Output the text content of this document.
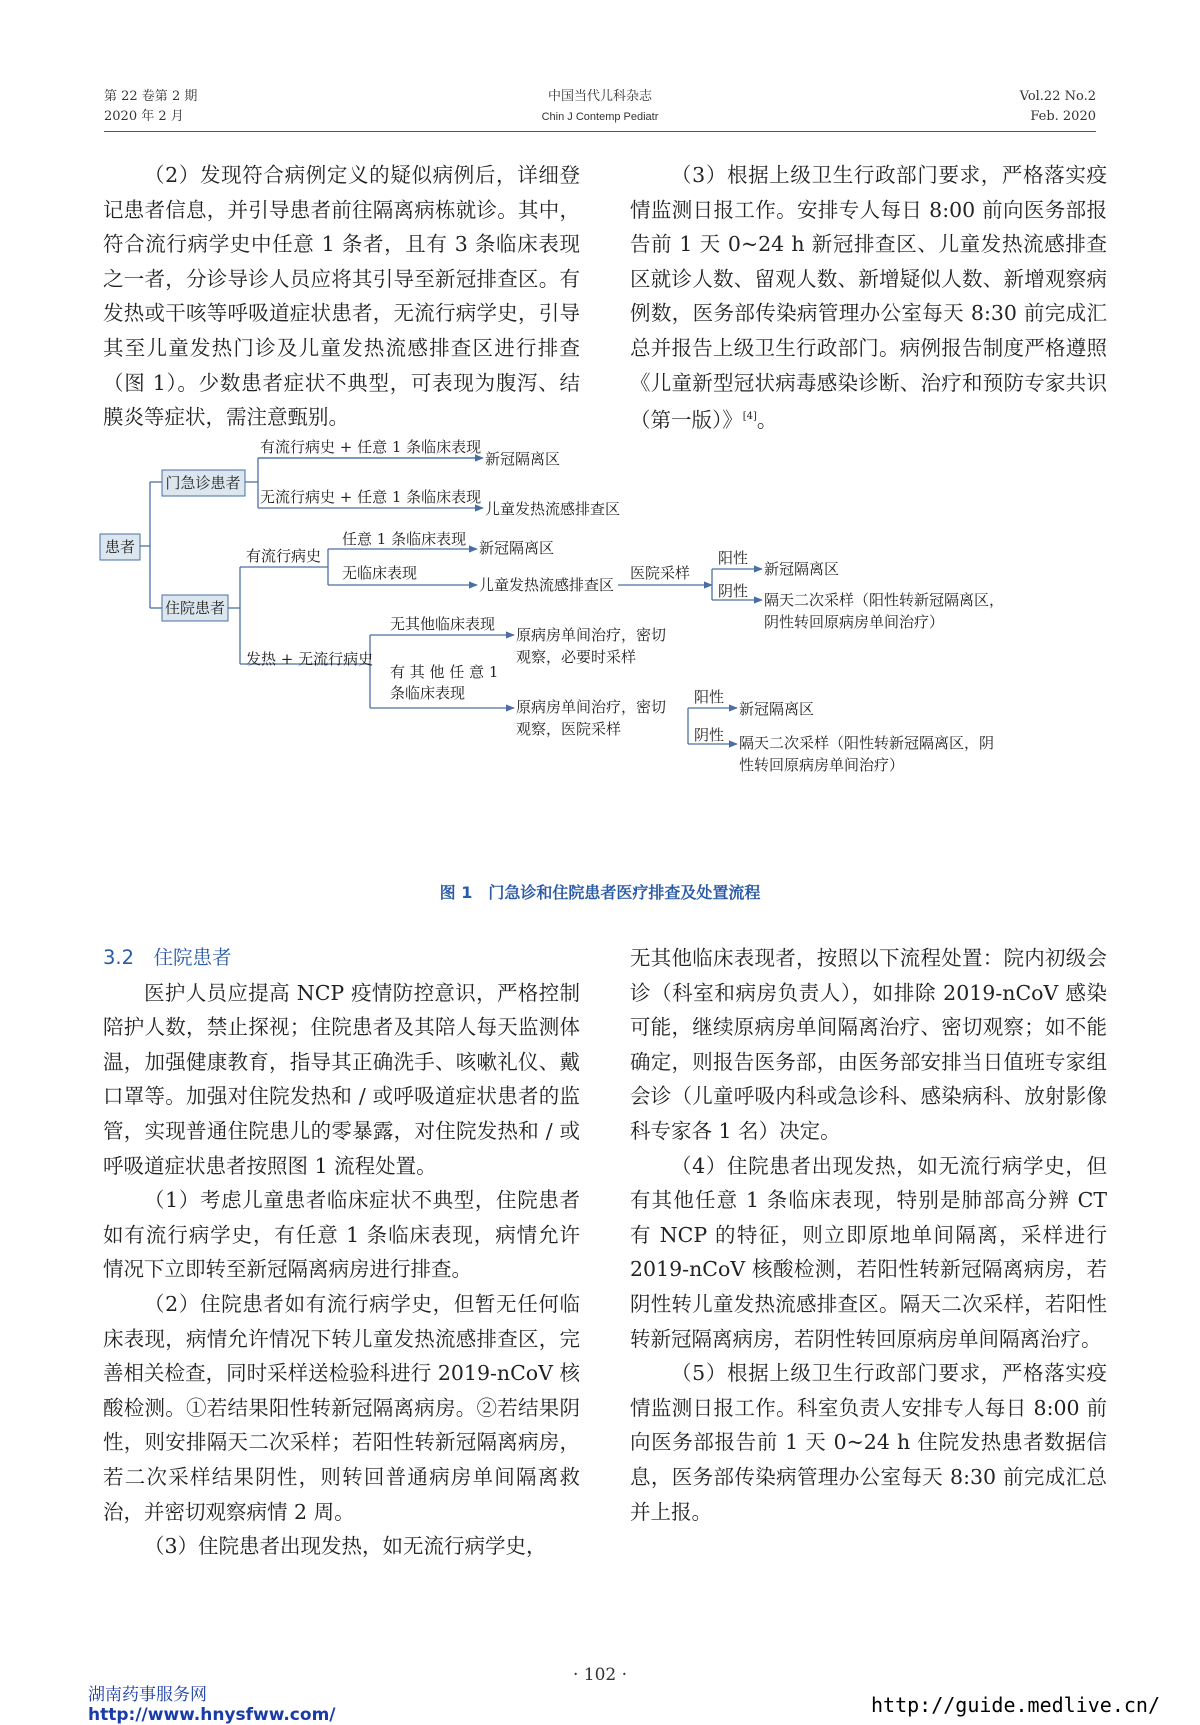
第 22 卷第 2 期
2020 年 2 月
中国当代儿科杂志
Chin J Contemp Pediatr
Vol.22 No.2
Feb. 2020

（2）发现符合病例定义的疑似病例后，详细登记患者信息，并引导患者前往隔离病栋就诊。其中，符合流行病学史中任意 1 条者，且有 3 条临床表现之一者，分诊导诊人员应将其引导至新冠排查区。有发热或干咳等呼吸道症状患者，无流行病学史，引导其至儿童发热门诊及儿童发热流感排查区进行排查（图 1）。少数患者症状不典型，可表现为腹泻、结膜炎等症状，需注意甄别。

（3）根据上级卫生行政部门要求，严格落实疫情监测日报工作。安排专人每日 8:00 前向医务部报告前 1 天 0~24 h 新冠排查区、儿童发热流感排查区就诊人数、留观人数、新增疑似人数、新增观察病例数，医务部传染病管理办公室每天 8:30 前完成汇总并报告上级卫生行政部门。病例报告制度严格遵照《儿童新型冠状病毒感染诊断、治疗和预防专家共识（第一版）》[4]。

患者
门急诊患者
住院患者
有流行病史 + 任意 1 条临床表现
新冠隔离区
无流行病史 + 任意 1 条临床表现
儿童发热流感排查区
有流行病史
任意 1 条临床表现 新冠隔离区
无临床表现
儿童发热流感排查区
医院采样
阳性
新冠隔离区
阴性 隔天二次采样（阳性转新冠隔离区，
阴性转回原病房单间治疗）
发热 + 无流行病史
无其他临床表现
原病房单间治疗，密切
观察，必要时采样
有 其 他 任 意 1
条临床表现
原病房单间治疗，密切
观察，医院采样
阳性
新冠隔离区
阴性 隔天二次采样（阳性转新冠隔离区，阴
性转回原病房单间治疗）
图 1　门急诊和住院患者医疗排查及处置流程

3.2　住院患者

医护人员应提高 NCP 疫情防控意识，严格控制陪护人数，禁止探视；住院患者及其陪人每天监测体温，加强健康教育，指导其正确洗手、咳嗽礼仪、戴口罩等。加强对住院发热和 / 或呼吸道症状患者的监管，实现普通住院患儿的零暴露，对住院发热和 / 或呼吸道症状患者按照图 1 流程处置。

（1）考虑儿童患者临床症状不典型，住院患者如有流行病学史，有任意 1 条临床表现，病情允许情况下立即转至新冠隔离病房进行排查。

（2）住院患者如有流行病学史，但暂无任何临床表现，病情允许情况下转儿童发热流感排查区，完善相关检查，同时采样送检验科进行 2019-nCoV 核酸检测。①若结果阳性转新冠隔离病房。②若结果阴性，则安排隔天二次采样；若阳性转新冠隔离病房，若二次采样结果阴性，则转回普通病房单间隔离救治，并密切观察病情 2 周。

（3）住院患者出现发热，如无流行病学史，

无其他临床表现者，按照以下流程处置：院内初级会诊（科室和病房负责人），如排除 2019-nCoV 感染可能，继续原病房单间隔离治疗、密切观察；如不能确定，则报告医务部，由医务部安排当日值班专家组会诊（儿童呼吸内科或急诊科、感染病科、放射影像科专家各 1 名）决定。

（4）住院患者出现发热，如无流行病学史，但有其他任意 1 条临床表现，特别是肺部高分辨 CT 有 NCP 的特征，则立即原地单间隔离，采样进行 2019-nCoV 核酸检测，若阳性转新冠隔离病房，若阴性转儿童发热流感排查区。隔天二次采样，若阳性转新冠隔离病房，若阴性转回原病房单间隔离治疗。

（5）根据上级卫生行政部门要求，严格落实疫情监测日报工作。科室负责人安排专人每日 8:00 前向医务部报告前 1 天 0~24 h 住院发热患者数据信息，医务部传染病管理办公室每天 8:30 前完成汇总并上报。

· 102 ·
湖南药事服务网
http://www.hnysfww.com/	http://guide.medlive.cn/
